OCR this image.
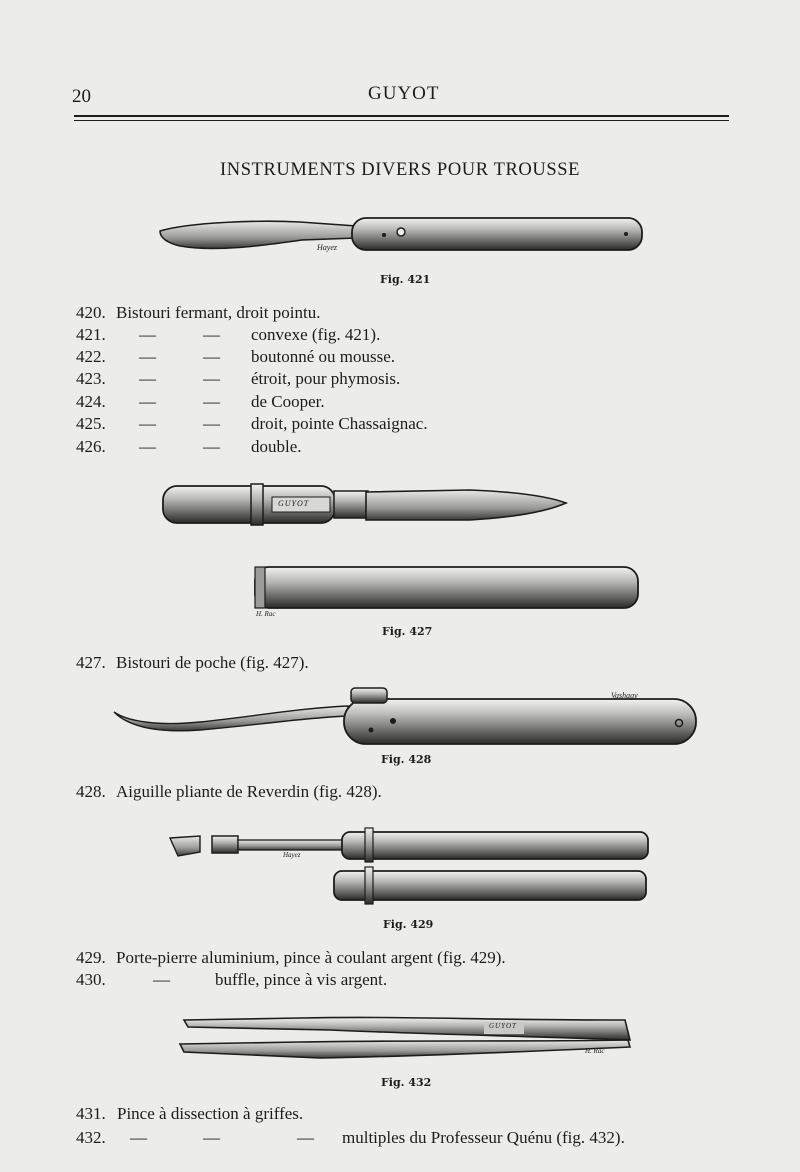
20	GUYOT
INSTRUMENTS DIVERS POUR TROUSSE
Hayez
Fig. 421
GUYOT
H. Rac
Fig. 427
Vashagy
Fig. 428
Hayez
Fig. 429
GUYOT
H. Rac
Fig. 432
420. Bistouri fermant, droit pointu.
421. —	— convexe (fig. 421).
422. —	— boutonné ou mousse.
423. —	— étroit, pour phymosis.
424. —	— de Cooper.
425. —	— droit, pointe Chassaignac.
426. —	— double.
427. Bistouri de poche (fig. 427).
428. Aiguille pliante de Reverdin (fig. 428).
429. Porte-pierre aluminium, pince à coulant argent (fig. 429).
430.	—	buffle, pince à vis argent.
431. Pince à dissection à griffes.
432. —	—	— multiples du Professeur Quénu (fig. 432).
